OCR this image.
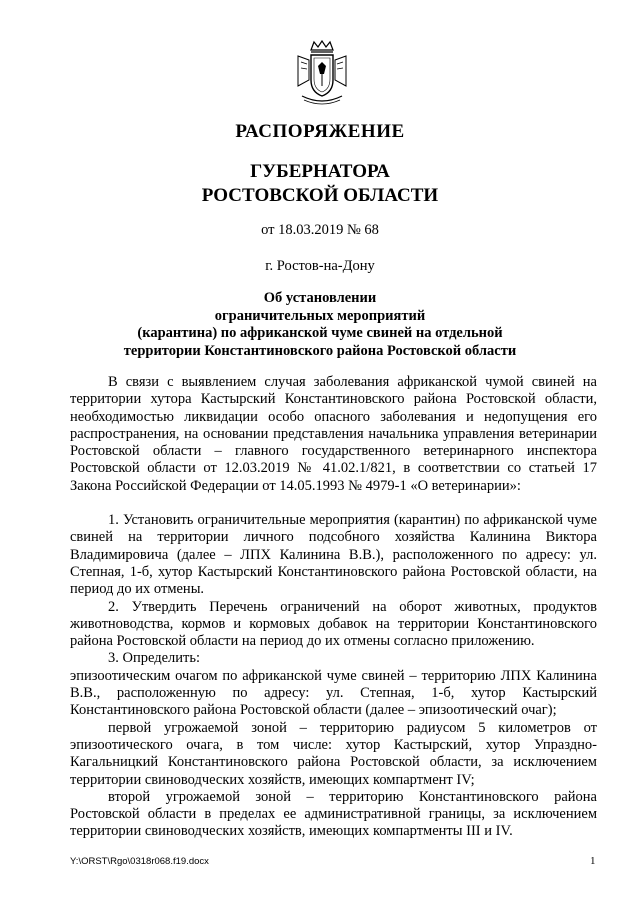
РАСПОРЯЖЕНИЕ
ГУБЕРНАТОРА
РОСТОВСКОЙ ОБЛАСТИ
от 18.03.2019 № 68
г. Ростов-на-Дону
Об установлении
ограничительных мероприятий
(карантина) по африканской чуме свиней на отдельной
территории Константиновского района Ростовской области

В связи с выявлением случая заболевания африканской чумой свиней на территории хутора Кастырский Константиновского района Ростовской области, необходимостью ликвидации особо опасного заболевания и недопущения его распространения, на основании представления начальника управления ветеринарии Ростовской области – главного государственного ветеринарного инспектора Ростовской области от 12.03.2019 № 41.02.1/821, в соответствии со статьей 17 Закона Российской Федерации от 14.05.1993 № 4979-1 «О ветеринарии»:

1. Установить ограничительные мероприятия (карантин) по африканской чуме свиней на территории личного подсобного хозяйства Калинина Виктора Владимировича (далее – ЛПХ Калинина В.В.), расположенного по адресу: ул. Степная, 1-б, хутор Кастырский Константиновского района Ростовской области, на период до их отмены.

2. Утвердить Перечень ограничений на оборот животных, продуктов животноводства, кормов и кормовых добавок на территории Константиновского района Ростовской области на период до их отмены согласно приложению.

3. Определить:

эпизоотическим очагом по африканской чуме свиней – территорию ЛПХ Калинина В.В., расположенную по адресу: ул. Степная, 1-б, хутор Кастырский Константиновского района Ростовской области (далее – эпизоотический очаг);

первой угрожаемой зоной – территорию радиусом 5 километров от эпизоотического очага, в том числе: хутор Кастырский, хутор Упраздно-Кагальницкий Константиновского района Ростовской области, за исключением территории свиноводческих хозяйств, имеющих компартмент IV;

второй угрожаемой зоной – территорию Константиновского района Ростовской области в пределах ее административной границы, за исключением территории свиноводческих хозяйств, имеющих компартменты III и IV.

Y:\ORST\Rgo\0318r068.f19.docx	1
